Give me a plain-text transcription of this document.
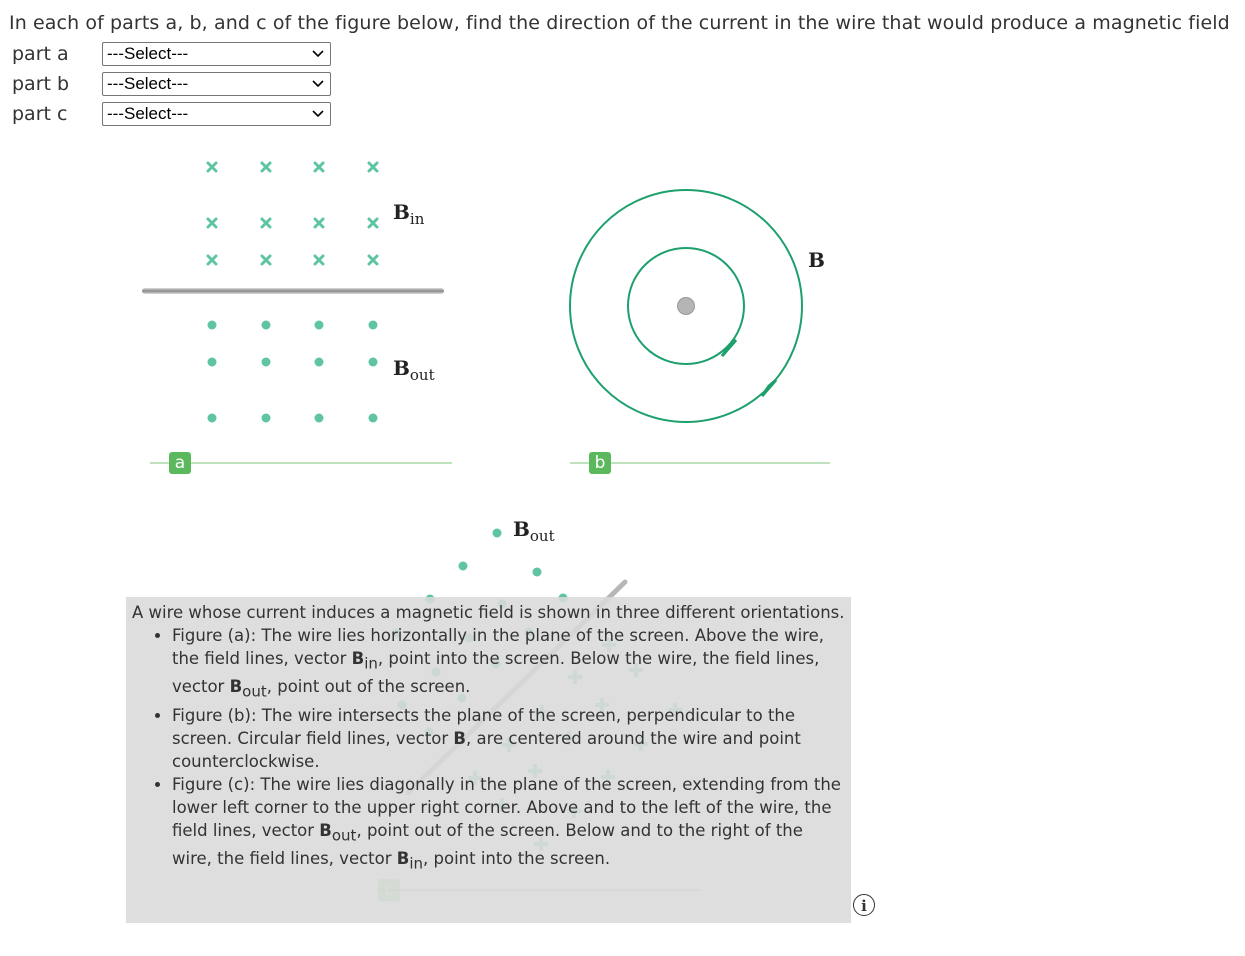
In each of parts a, b, and c of the figure below, find the direction of the current in the wire that would produce a magnetic field
part a	---Select---
part b	---Select---
part c	---Select---
$B_{in}$
$B_{out}$
B
$B_{out}$
a	b
A wire whose current induces a magnetic field is shown in three different orientations.
• Figure (a): The wire lies horizontally in the plane of the screen. Above the wire, the field lines, vector $B_{in}$, point into the screen. Below the wire, the field lines, vector $B_{out}$, point out of the screen.
• Figure (b): The wire intersects the plane of the screen, perpendicular to the screen. Circular field lines, vector B, are centered around the wire and point counterclockwise.
• Figure (c): The wire lies diagonally in the plane of the screen, extending from the lower left corner to the upper right corner. Above and to the left of the wire, the field lines, vector $B_{out}$, point out of the screen. Below and to the right of the wire, the field lines, vector $B_{in}$, point into the screen.
i
